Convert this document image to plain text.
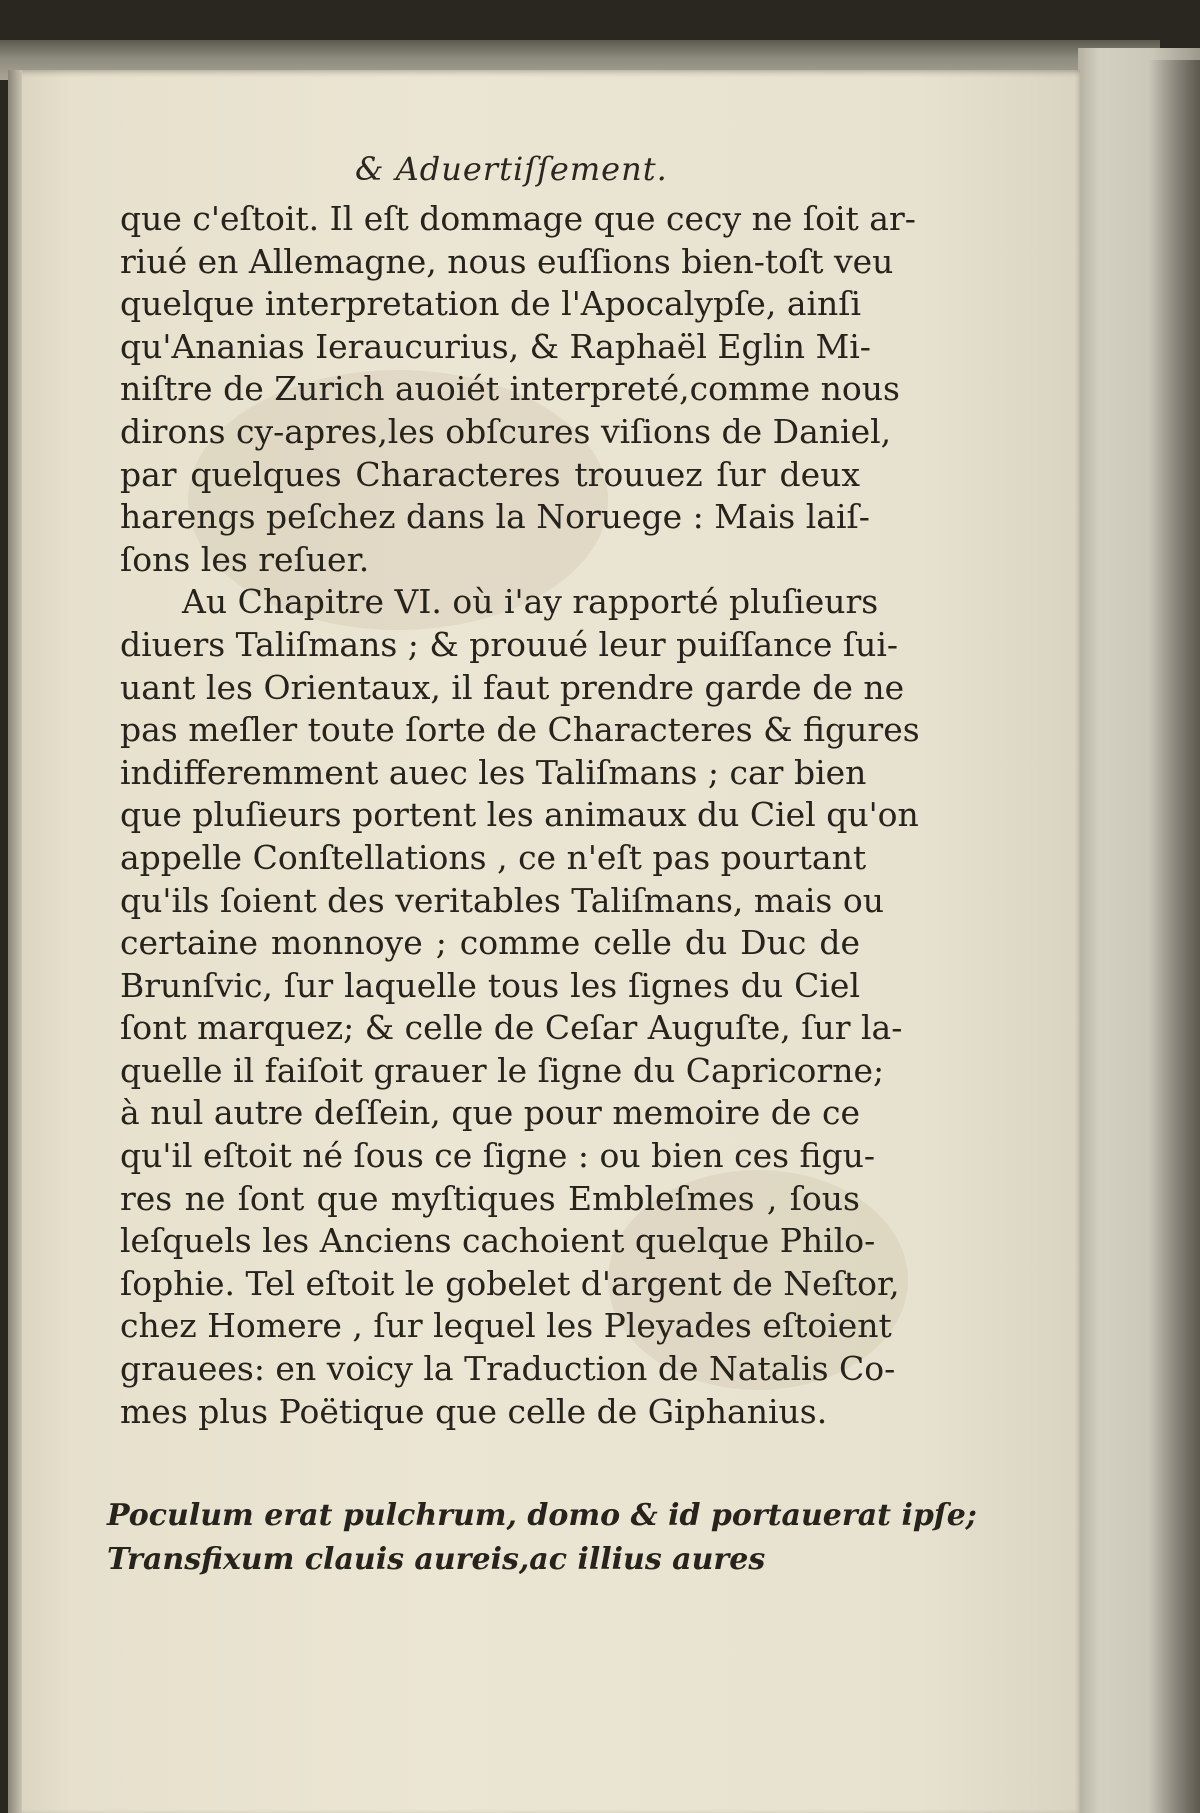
& Aduertiſſement.
que c'eſtoit. Il eſt dommage que cecy ne ſoit ar-
riué en Allemagne, nous euſſions bien-toſt veu
quelque interpretation de l'Apocalypſe, ainſi
qu'Ananias Ieraucurius, & Raphaël Eglin Mi-
niſtre de Zurich auoiét interpreté,comme nous
dirons cy-apres,les obſcures viſions de Daniel,
par quelques Characteres trouuez ſur deux
harengs peſchez dans la Noruege : Mais laiſ-
ſons les reſuer.
Au Chapitre VI. où i'ay rapporté pluſieurs
diuers Taliſmans ; & prouué leur puiſſance ſui-
uant les Orientaux, il faut prendre garde de ne
pas meſler toute ſorte de Characteres & figures
indifferemment auec les Taliſmans ; car bien
que pluſieurs portent les animaux du Ciel qu'on
appelle Conſtellations , ce n'eſt pas pourtant
qu'ils ſoient des veritables Taliſmans, mais ou
certaine monnoye ; comme celle du Duc de
Brunſvic, ſur laquelle tous les ſignes du Ciel
ſont marquez; & celle de Ceſar Auguſte, ſur la-
quelle il faiſoit grauer le ſigne du Capricorne;
à nul autre deſſein, que pour memoire de ce
qu'il eſtoit né ſous ce ſigne : ou bien ces figu-
res ne ſont que myſtiques Embleſmes , ſous
leſquels les Anciens cachoient quelque Philo-
ſophie. Tel eſtoit le gobelet d'argent de Neſtor,
chez Homere , ſur lequel les Pleyades eſtoient
grauees: en voicy la Traduction de Natalis Co-
mes plus Poëtique que celle de Giphanius.
Poculum erat pulchrum, domo & id portauerat ipſe;
Transfixum clauis aureis,ac illius aures
